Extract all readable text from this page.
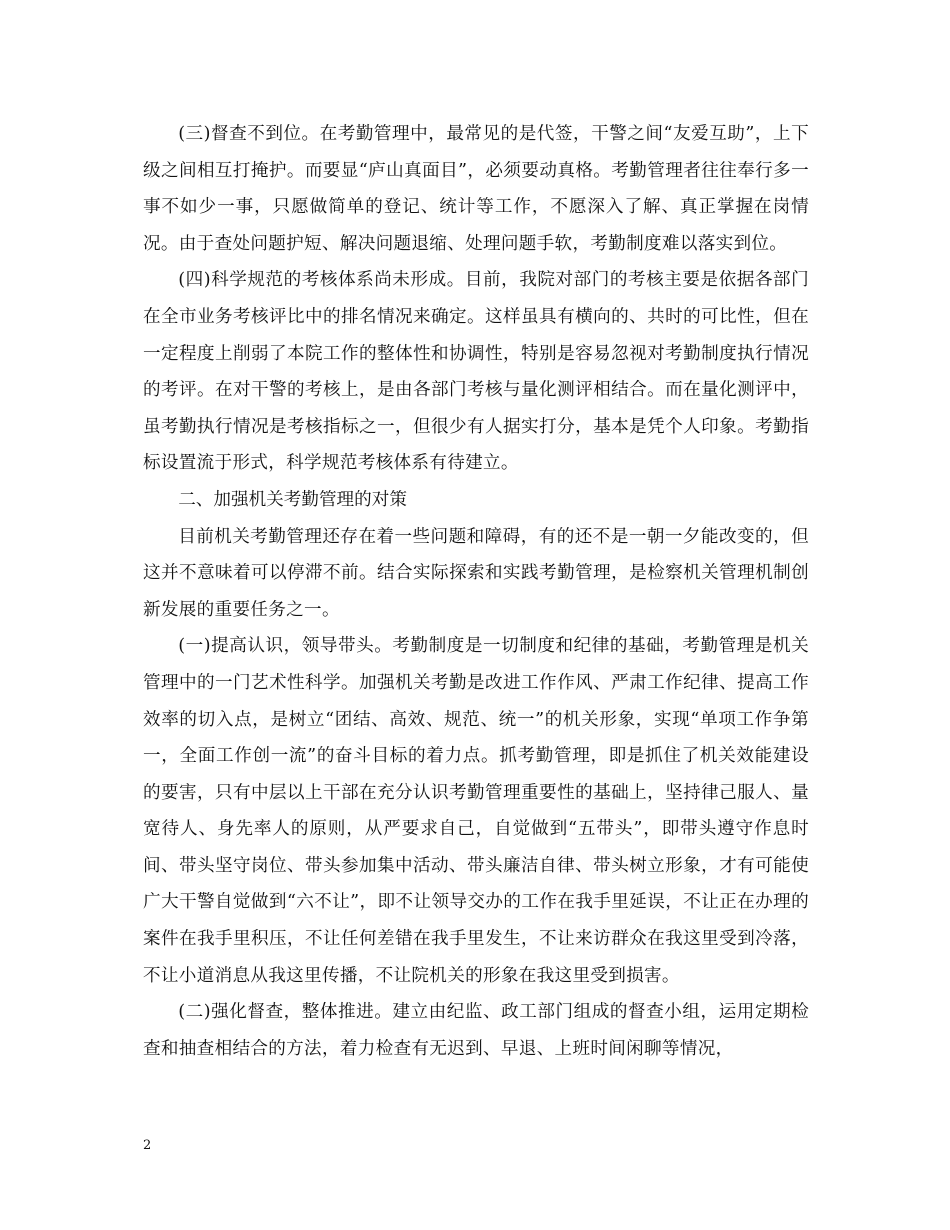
(三)督查不到位。在考勤管理中，最常见的是代签，干警之间“友爱互助”，上下级之间相互打掩护。而要显“庐山真面目”，必须要动真格。考勤管理者往往奉行多一事不如少一事，只愿做简单的登记、统计等工作，不愿深入了解、真正掌握在岗情况。由于查处问题护短、解决问题退缩、处理问题手软，考勤制度难以落实到位。

(四)科学规范的考核体系尚未形成。目前，我院对部门的考核主要是依据各部门在全市业务考核评比中的排名情况来确定。这样虽具有横向的、共时的可比性，但在一定程度上削弱了本院工作的整体性和协调性，特别是容易忽视对考勤制度执行情况的考评。在对干警的考核上，是由各部门考核与量化测评相结合。而在量化测评中，虽考勤执行情况是考核指标之一，但很少有人据实打分，基本是凭个人印象。考勤指标设置流于形式，科学规范考核体系有待建立。

二、加强机关考勤管理的对策

目前机关考勤管理还存在着一些问题和障碍，有的还不是一朝一夕能改变的，但这并不意味着可以停滞不前。结合实际探索和实践考勤管理，是检察机关管理机制创新发展的重要任务之一。

(一)提高认识，领导带头。考勤制度是一切制度和纪律的基础，考勤管理是机关管理中的一门艺术性科学。加强机关考勤是改进工作作风、严肃工作纪律、提高工作效率的切入点，是树立“团结、高效、规范、统一”的机关形象，实现“单项工作争第一，全面工作创一流”的奋斗目标的着力点。抓考勤管理，即是抓住了机关效能建设的要害，只有中层以上干部在充分认识考勤管理重要性的基础上，坚持律己服人、量宽待人、身先率人的原则，从严要求自己，自觉做到“五带头”，即带头遵守作息时间、带头坚守岗位、带头参加集中活动、带头廉洁自律、带头树立形象，才有可能使广大干警自觉做到“六不让”，即不让领导交办的工作在我手里延误，不让正在办理的案件在我手里积压，不让任何差错在我手里发生，不让来访群众在我这里受到冷落，不让小道消息从我这里传播，不让院机关的形象在我这里受到损害。

(二)强化督查，整体推进。建立由纪监、政工部门组成的督查小组，运用定期检查和抽查相结合的方法，着力检查有无迟到、早退、上班时间闲聊等情况，

2
